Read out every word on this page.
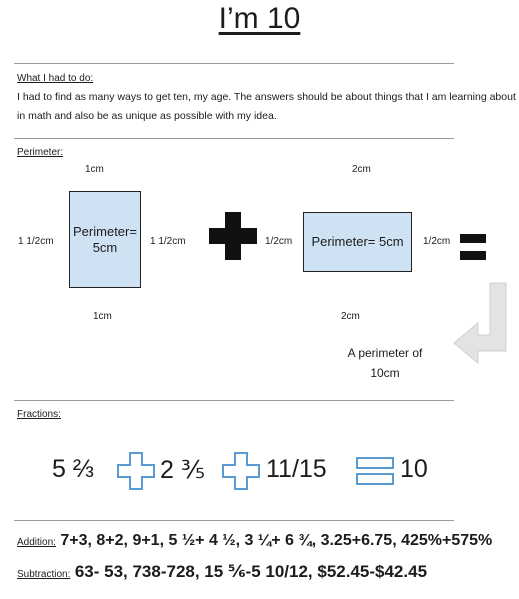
I’m 10
What I had to do:
I had to find as many ways to get ten, my age. The answers should be about things that I am learning about
in math and also be as unique as possible with my idea.
Perimeter:
1cm
1 1/2cm
Perimeter=
5cm	1 1/2cm
1cm
2cm
1/2cm Perimeter= 5cm 1/2cm
2cm
A perimeter of
10cm
Fractions:
5 ⅔	2 ⅗ 11/15	10
Addition: 7+3, 8+2, 9+1, 5 ½+ 4 ½, 3 ¼+ 6 ¾, 3.25+6.75, 425%+575%
Subtraction: 63- 53, 738-728, 15 ⅚-5 10/12, $52.45-$42.45
